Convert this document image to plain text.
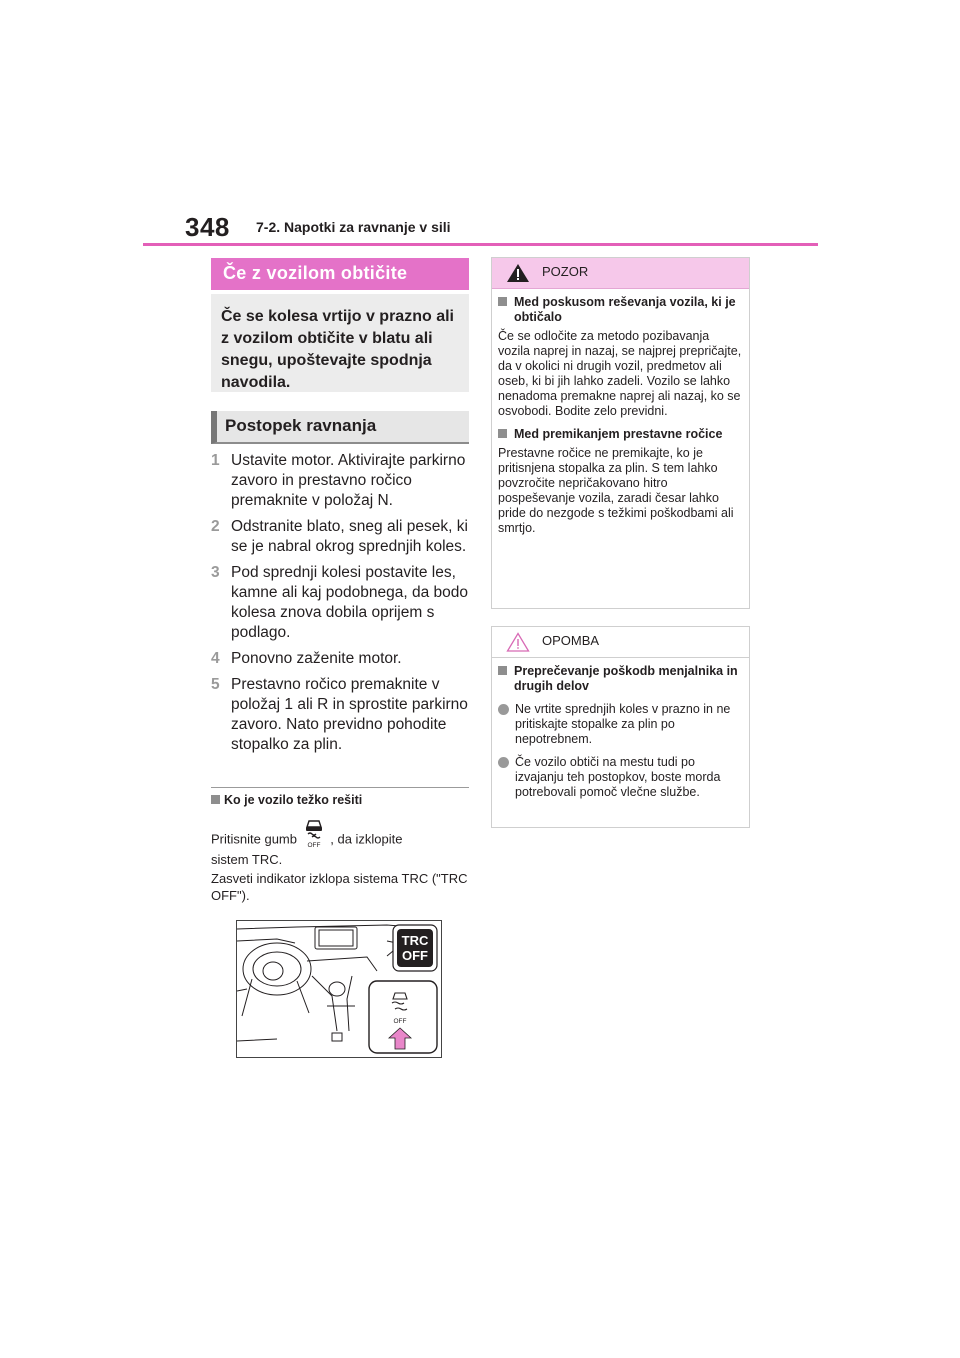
348 7-2. Napotki za ravnanje v sili
Če z vozilom obtičite
Če se kolesa vrtijo v prazno ali z vozilom obtičite v blatu ali snegu, upoštevajte spodnja navodila.
Postopek ravnanja
1 Ustavite motor. Aktivirajte parkirno zavoro in prestavno ročico premaknite v položaj N.
2 Odstranite blato, sneg ali pesek, ki se je nabral okrog sprednjih koles.
3 Pod sprednji kolesi postavite les, kamne ali kaj podobnega, da bodo kolesa znova dobila oprijem s podlago.
4 Ponovno zaženite motor.
5 Prestavno ročico premaknite v položaj 1 ali R in sprostite parkirno zavoro. Nato previdno pohodite stopalko za plin.
Ko je vozilo težko rešiti
Pritisnite gumb OFF , da izklopite
sistem TRC.
Zasveti indikator izklopa sistema TRC ("TRC OFF").
TRC
OFF
OFF
POZOR
Med poskusom reševanja vozila, ki je obtičalo
Če se odločite za metodo pozibavanja vozila naprej in nazaj, se najprej prepričajte, da v okolici ni drugih vozil, predmetov ali oseb, ki bi jih lahko zadeli. Vozilo se lahko nenadoma premakne naprej ali nazaj, ko se osvobodi. Bodite zelo previdni.
Med premikanjem prestavne ročice
Prestavne ročice ne premikajte, ko je pritisnjena stopalka za plin. S tem lahko povzročite nepričakovano hitro pospeševanje vozila, zaradi česar lahko pride do nezgode s težkimi poškodbami ali smrtjo.
OPOMBA
Preprečevanje poškodb menjalnika in drugih delov
Ne vrtite sprednjih koles v prazno in ne pritiskajte stopalke za plin po nepotrebnem.
Če vozilo obtiči na mestu tudi po izvajanju teh postopkov, boste morda potrebovali pomoč vlečne službe.
